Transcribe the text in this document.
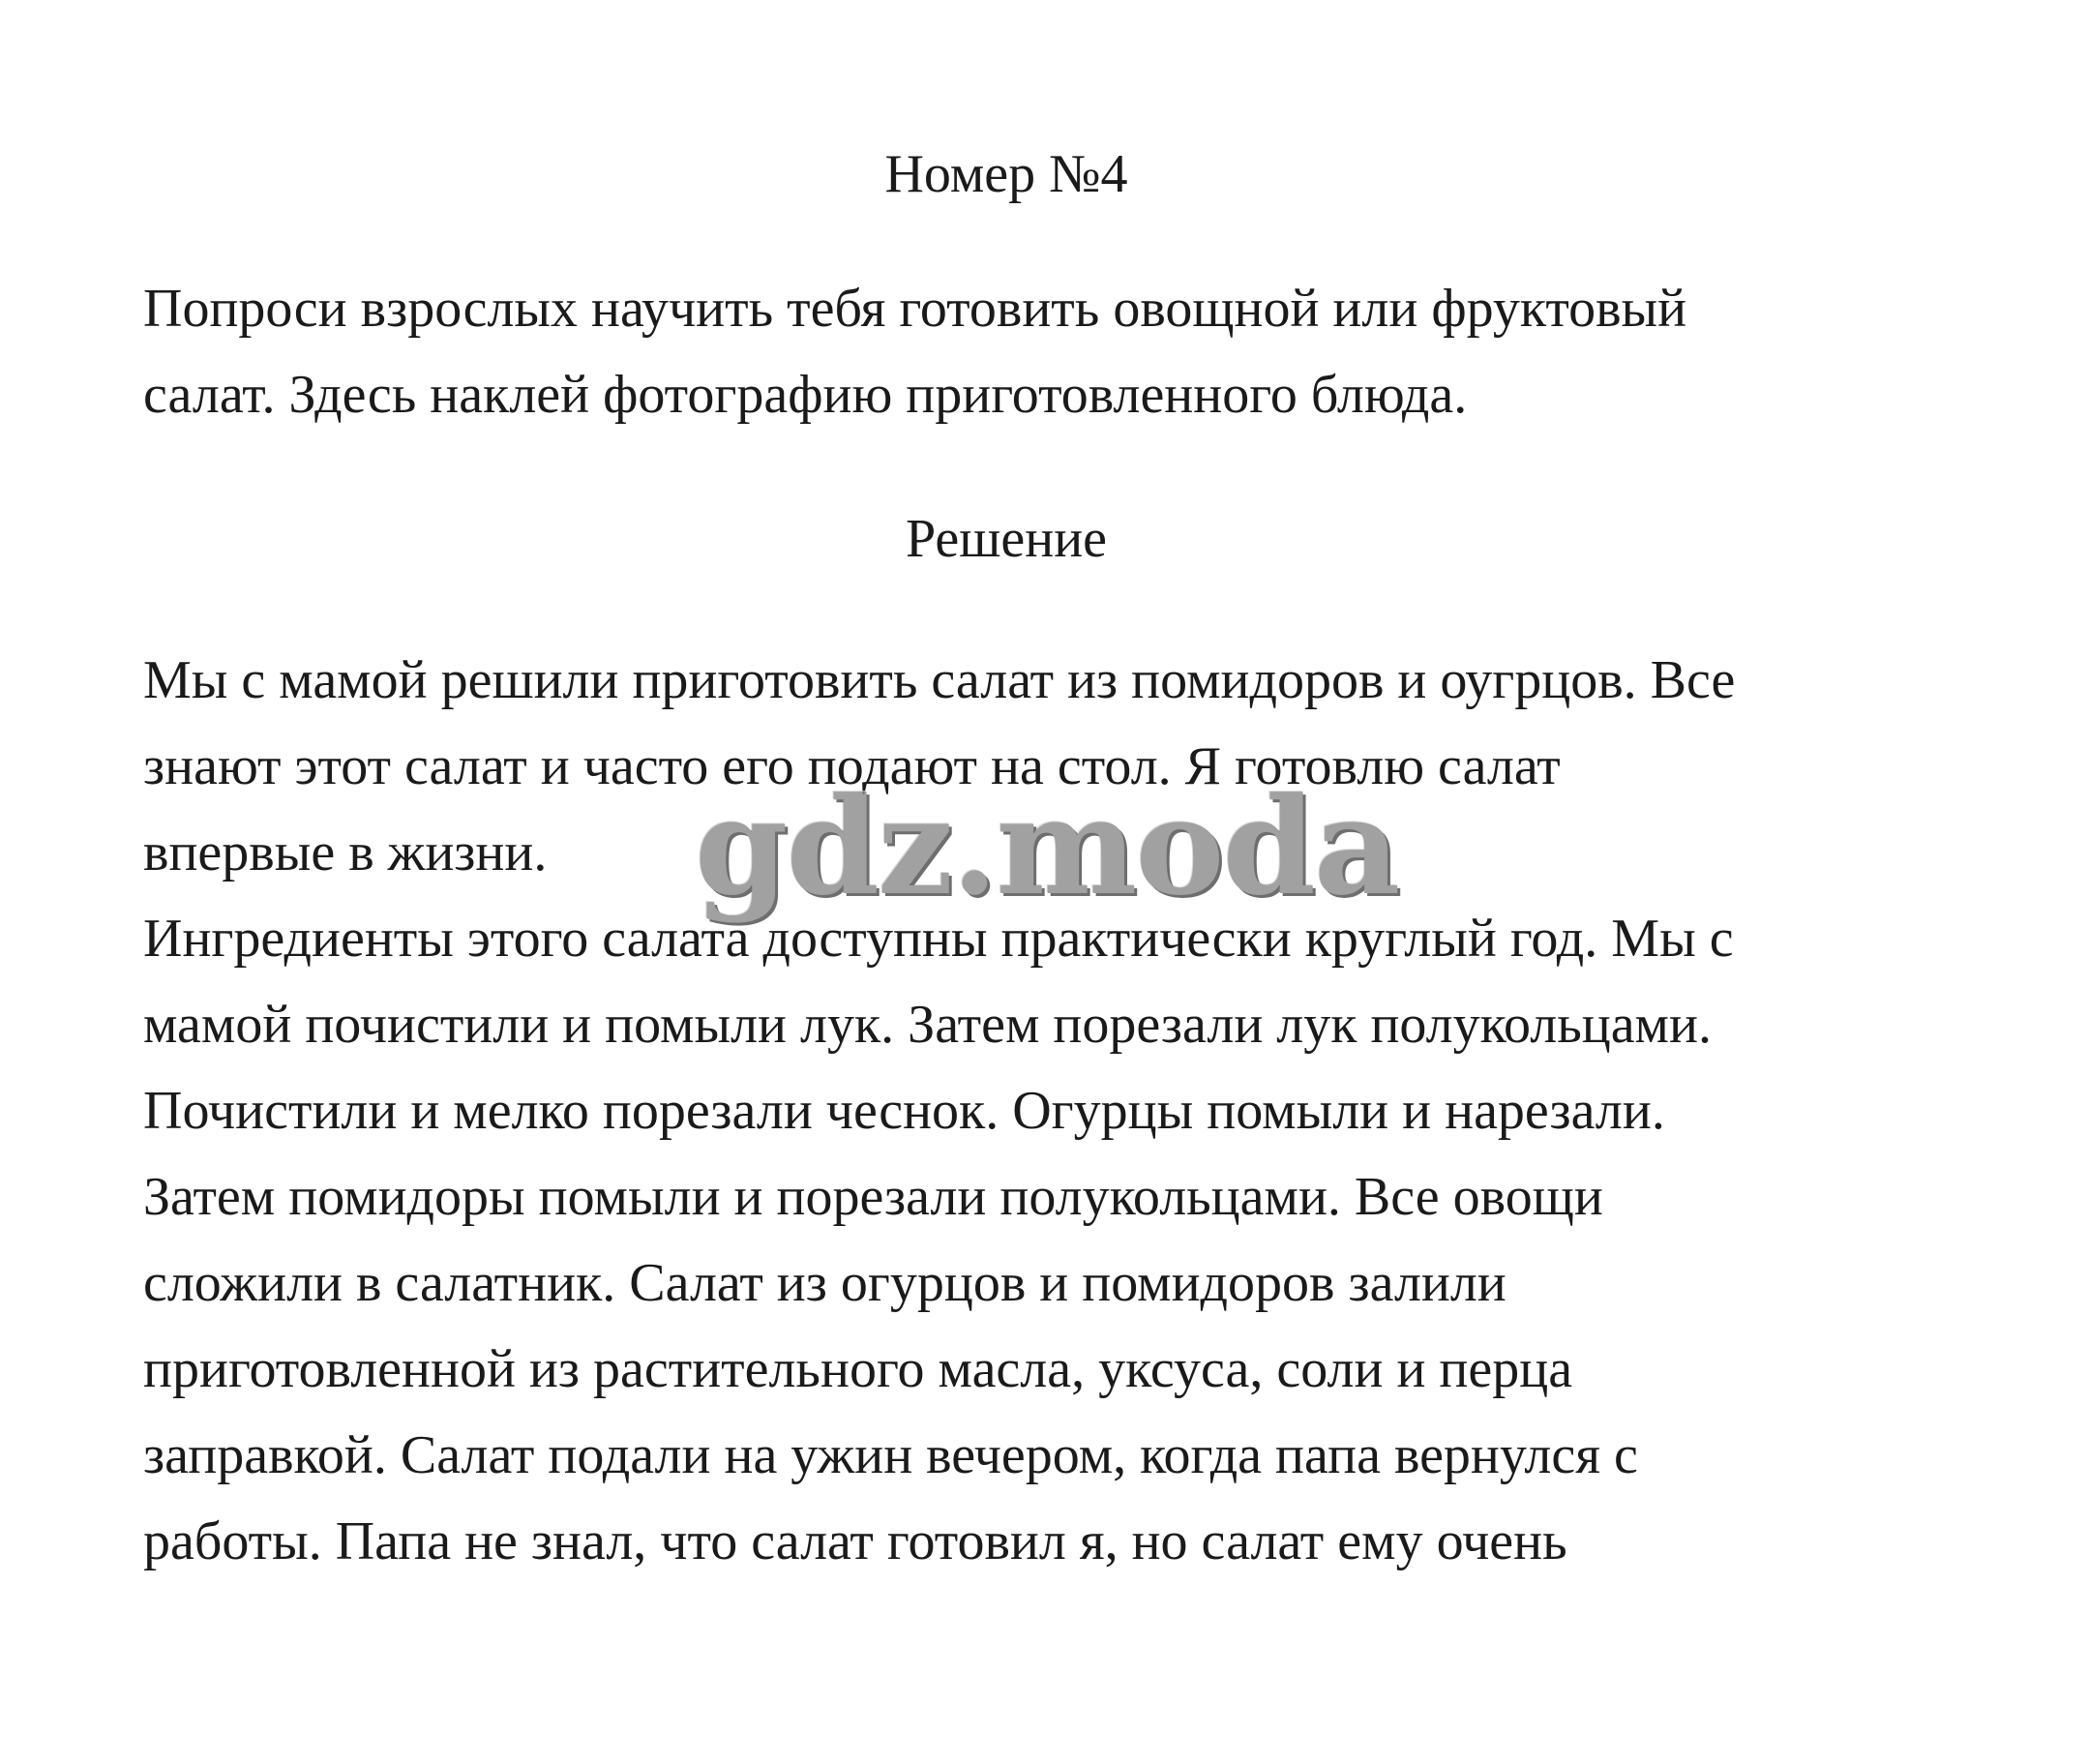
Номер №4
Попроси взрослых научить тебя готовить овощной или фруктовый
салат. Здесь наклей фотографию приготовленного блюда.
Решение
Мы с мамой решили приготовить салат из помидоров и оугрцов. Все
знают этот салат и часто его подают на стол. Я готовлю салат
впервые в жизни.
Ингредиенты этого салата доступны практически круглый год. Мы с
мамой почистили и помыли лук. Затем порезали лук полукольцами.
Почистили и мелко порезали чеснок. Огурцы помыли и нарезали.
Затем помидоры помыли и порезали полукольцами. Все овощи
сложили в салатник. Салат из огурцов и помидоров залили
приготовленной из растительного масла, уксуса, соли и перца
заправкой. Салат подали на ужин вечером, когда папа вернулся с
работы. Папа не знал, что салат готовил я, но салат ему очень
gdz.moda
